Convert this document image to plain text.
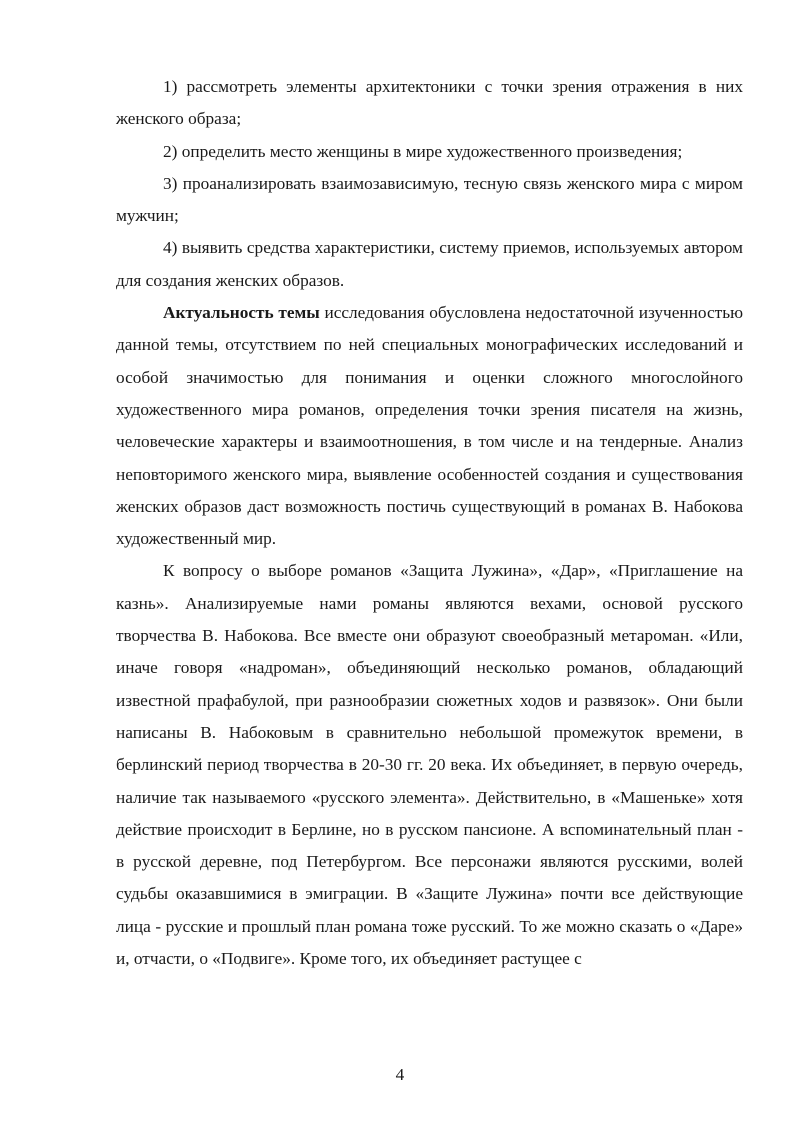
1) рассмотреть элементы архитектоники с точки зрения отражения в них женского образа;

2) определить место женщины в мире художественного произведения;

3) проанализировать взаимозависимую, тесную связь женского мира с миром мужчин;

4) выявить средства характеристики, систему приемов, используемых автором для создания женских образов.

Актуальность темы исследования обусловлена недостаточной изученностью данной темы, отсутствием по ней специальных монографических исследований и особой значимостью для понимания и оценки сложного многослойного художественного мира романов, определения точки зрения писателя на жизнь, человеческие характеры и взаимоотношения, в том числе и на тендерные. Анализ неповторимого женского мира, выявление особенностей создания и существования женских образов даст возможность постичь существующий в романах В. Набокова художественный мир.

К вопросу о выборе романов «Защита Лужина», «Дар», «Приглашение на казнь». Анализируемые нами романы являются вехами, основой русского творчества В. Набокова. Все вместе они образуют своеобразный метароман. «Или, иначе говоря «надроман», объединяющий несколько романов, обладающий известной прафабулой, при разнообразии сюжетных ходов и развязок». Они были написаны В. Набоковым в сравнительно небольшой промежуток времени, в берлинский период творчества в 20-30 гг. 20 века. Их объединяет, в первую очередь, наличие так называемого «русского элемента». Действительно, в «Машеньке» хотя действие происходит в Берлине, но в русском пансионе. А вспоминательный план - в русской деревне, под Петербургом. Все персонажи являются русскими, волей судьбы оказавшимися в эмиграции. В «Защите Лужина» почти все действующие лица - русские и прошлый план романа тоже русский. То же можно сказать о «Даре» и, отчасти, о «Подвиге». Кроме того, их объединяет растущее с

4
